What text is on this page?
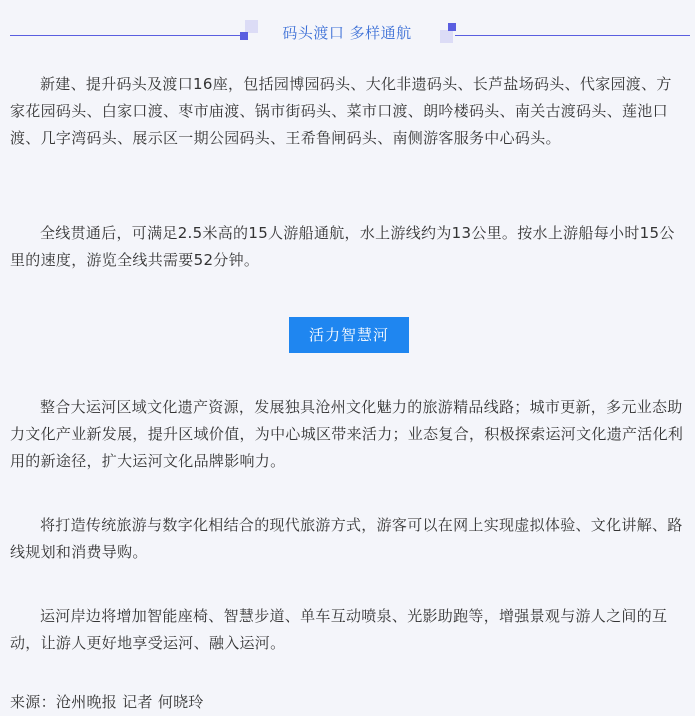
码头渡口 多样通航

新建、提升码头及渡口16座，包括园博园码头、大化非遗码头、长芦盐场码头、代家园渡、方家花园码头、白家口渡、枣市庙渡、锅市街码头、菜市口渡、朗吟楼码头、南关古渡码头、莲池口渡、几字湾码头、展示区一期公园码头、王希鲁闸码头、南侧游客服务中心码头。

全线贯通后，可满足2.5米高的15人游船通航，水上游线约为13公里。按水上游船每小时15公里的速度，游览全线共需要52分钟。

活力智慧河

整合大运河区域文化遗产资源，发展独具沧州文化魅力的旅游精品线路；城市更新，多元业态助力文化产业新发展，提升区域价值，为中心城区带来活力；业态复合，积极探索运河文化遗产活化利用的新途径，扩大运河文化品牌影响力。

将打造传统旅游与数字化相结合的现代旅游方式，游客可以在网上实现虚拟体验、文化讲解、路线规划和消费导购。

运河岸边将增加智能座椅、智慧步道、单车互动喷泉、光影助跑等，增强景观与游人之间的互动，让游人更好地享受运河、融入运河。

来源：沧州晚报 记者 何晓玲
